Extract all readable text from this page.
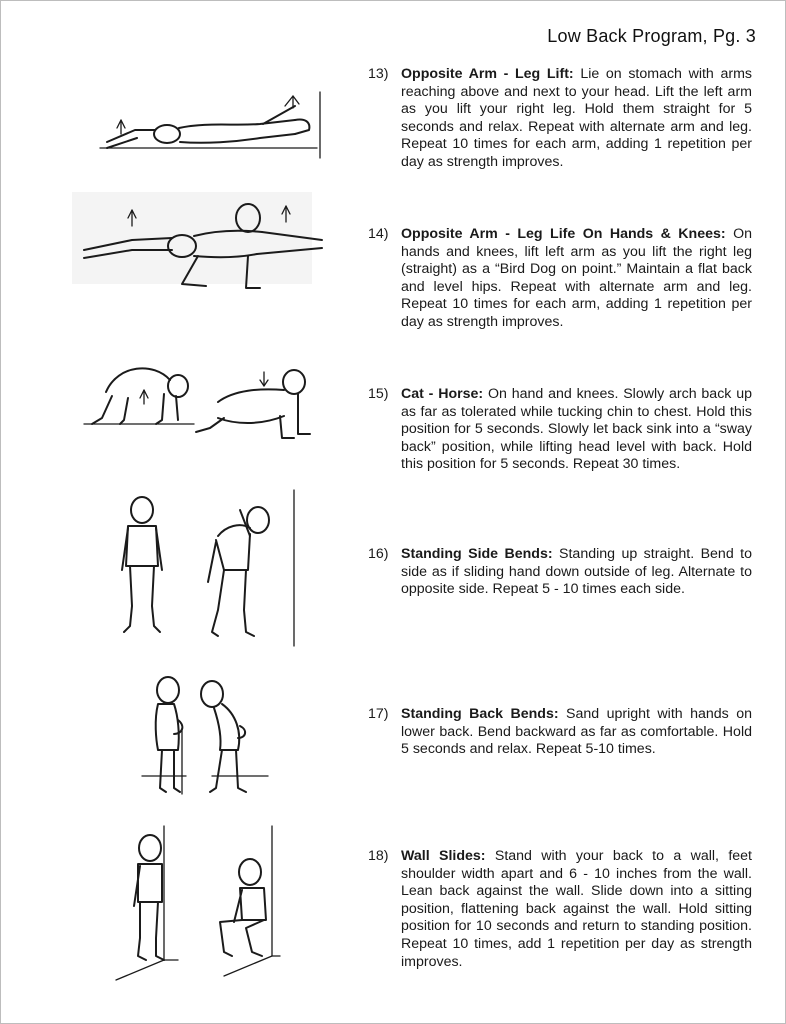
Low Back Program, Pg. 3
13) Opposite Arm - Leg Lift: Lie on stomach with arms reaching above and next to your head. Lift the left arm as you lift your right leg. Hold them straight for 5 seconds and relax. Repeat with alternate arm and leg. Repeat 10 times for each arm, adding 1 repetition per day as strength improves.
14) Opposite Arm - Leg Life On Hands & Knees: On hands and knees, lift left arm as you lift the right leg (straight) as a “Bird Dog on point.” Maintain a flat back and level hips. Repeat with alternate arm and leg. Repeat 10 times for each arm, adding 1 repetition per day as strength improves.
15) Cat - Horse: On hand and knees. Slowly arch back up as far as tolerated while tucking chin to chest. Hold this position for 5 seconds. Slowly let back sink into a “sway back” position, while lifting head level with back. Hold this position for 5 seconds. Repeat 30 times.
16) Standing Side Bends: Standing up straight. Bend to side as if sliding hand down outside of leg. Alternate to opposite side. Repeat 5 - 10 times each side.
17) Standing Back Bends: Sand upright with hands on lower back. Bend backward as far as comfortable. Hold 5 seconds and relax. Repeat 5-10 times.
18) Wall Slides: Stand with your back to a wall, feet shoulder width apart and 6 - 10 inches from the wall. Lean back against the wall. Slide down into a sitting position, flattening back against the wall. Hold sitting position for 10 seconds and return to standing position. Repeat 10 times, add 1 repetition per day as strength improves.
